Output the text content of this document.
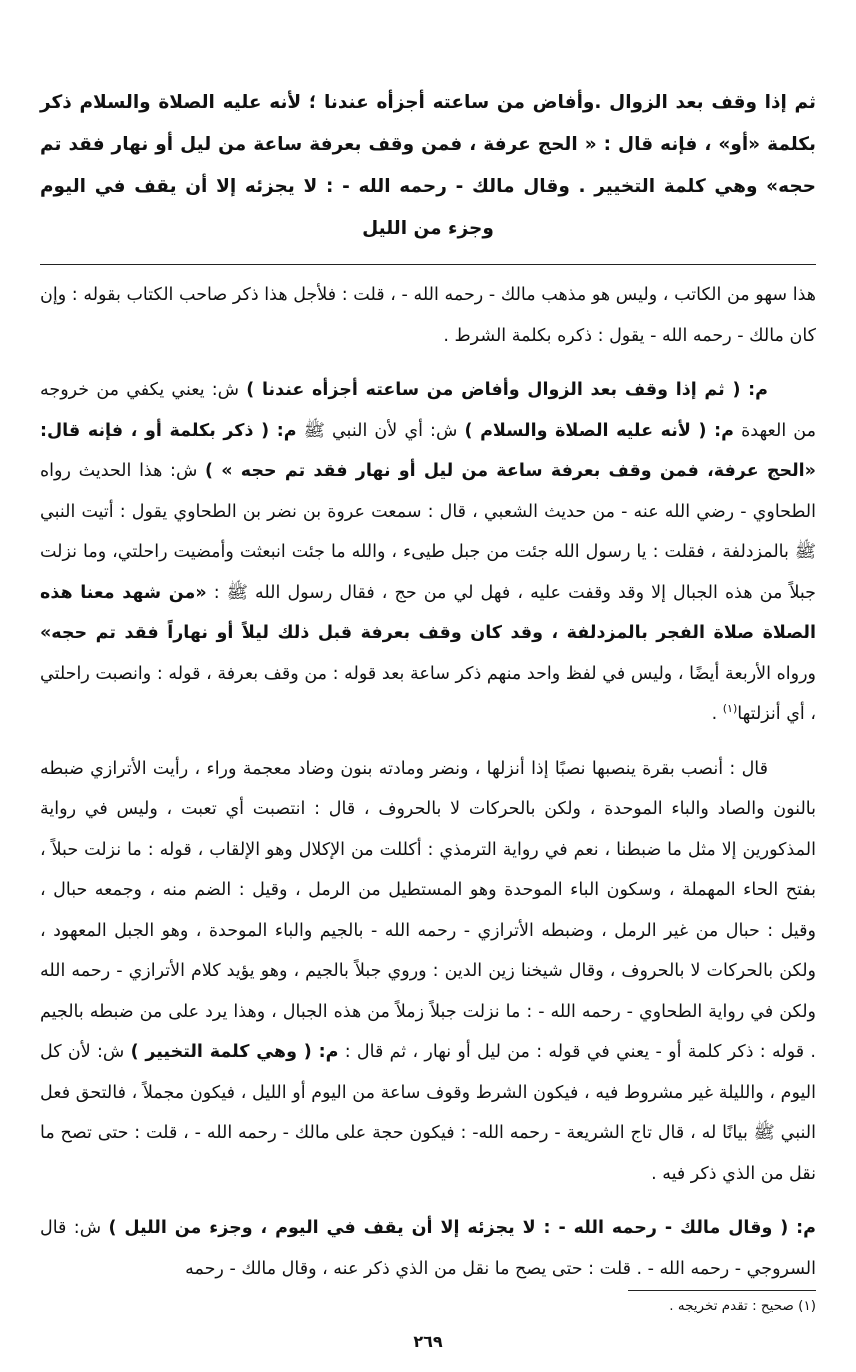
ثم إذا وقف بعد الزوال .وأفاض من ساعته أجزأه عندنا ؛ لأنه عليه الصلاة والسلام ذكر بكلمة «أو» ، فإنه قال : « الحج عرفة ، فمن وقف بعرفة ساعة من ليل أو نهار فقد تم حجه» وهي كلمة التخيير . وقال مالك - رحمه الله - : لا يجزئه إلا أن يقف في اليوم وجزء من الليل

هذا سهو من الكاتب ، وليس هو مذهب مالك - رحمه الله - ، قلت : فلأجل هذا ذكر صاحب الكتاب بقوله : وإن كان مالك - رحمه الله - يقول : ذكره بكلمة الشرط .

م: ( ثم إذا وقف بعد الزوال وأفاض من ساعته أجزأه عندنا ) ش: يعني يكفي من خروجه من العهدة م: ( لأنه عليه الصلاة والسلام ) ش: أي لأن النبي ﷺ م: ( ذكر بكلمة أو ، فإنه قال: «الحج عرفة، فمن وقف بعرفة ساعة من ليل أو نهار فقد تم حجه » ) ش: هذا الحديث رواه الطحاوي - رضي الله عنه - من حديث الشعبي ، قال : سمعت عروة بن نضر بن الطحاوي يقول : أتيت النبي ﷺ بالمزدلفة ، فقلت : يا رسول الله جئت من جبل طيىء ، والله ما جئت انبعثت وأمضيت راحلتي، وما نزلت جبلاً من هذه الجبال إلا وقد وقفت عليه ، فهل لي من حج ، فقال رسول الله ﷺ : «من شهد معنا هذه الصلاة صلاة الفجر بالمزدلفة ، وقد كان وقف بعرفة قبل ذلك ليلاً أو نهاراً فقد تم حجه» ورواه الأربعة أيضًا ، وليس في لفظ واحد منهم ذكر ساعة بعد قوله : من وقف بعرفة ، قوله : وانصبت راحلتي ، أي أنزلتها$^{(١)}$ .

قال : أنصب بقرة ينصبها نصبًا إذا أنزلها ، ونضر ومادته بنون وضاد معجمة وراء ، رأيت الأترازي ضبطه بالنون والصاد والباء الموحدة ، ولكن بالحركات لا بالحروف ، قال : انتصبت أي تعبت ، وليس في رواية المذكورين إلا مثل ما ضبطنا ، نعم في رواية الترمذي : أكللت من الإكلال وهو الإلقاب ، قوله : ما نزلت حبلاً ، بفتح الحاء المهملة ، وسكون الباء الموحدة وهو المستطيل من الرمل ، وقيل : الضم منه ، وجمعه حبال ، وقيل : حبال من غير الرمل ، وضبطه الأترازي - رحمه الله - بالجيم والباء الموحدة ، وهو الجبل المعهود ، ولكن بالحركات لا بالحروف ، وقال شيخنا زين الدين : وروي جبلاً بالجيم ، وهو يؤيد كلام الأترازي - رحمه الله ولكن في رواية الطحاوي - رحمه الله - : ما نزلت جبلاً زملاً من هذه الجبال ، وهذا يرد على من ضبطه بالجيم . قوله : ذكر كلمة أو - يعني في قوله : من ليل أو نهار ، ثم قال : م: ( وهي كلمة التخيير ) ش: لأن كل اليوم ، والليلة غير مشروط فيه ، فيكون الشرط وقوف ساعة من اليوم أو الليل ، فيكون مجملاً ، فالتحق فعل النبي ﷺ بيانًا له ، قال تاج الشريعة - رحمه الله- : فيكون حجة على مالك - رحمه الله - ، قلت : حتى تصح ما نقل من الذي ذكر فيه .

م: ( وقال مالك - رحمه الله - : لا يجزئه إلا أن يقف في اليوم ، وجزء من الليل ) ش: قال السروجي - رحمه الله - . قلت : حتى يصح ما نقل من الذي ذكر عنه ، وقال مالك - رحمه

(١) صحيح : تقدم تخريجه .
٢٦٩
